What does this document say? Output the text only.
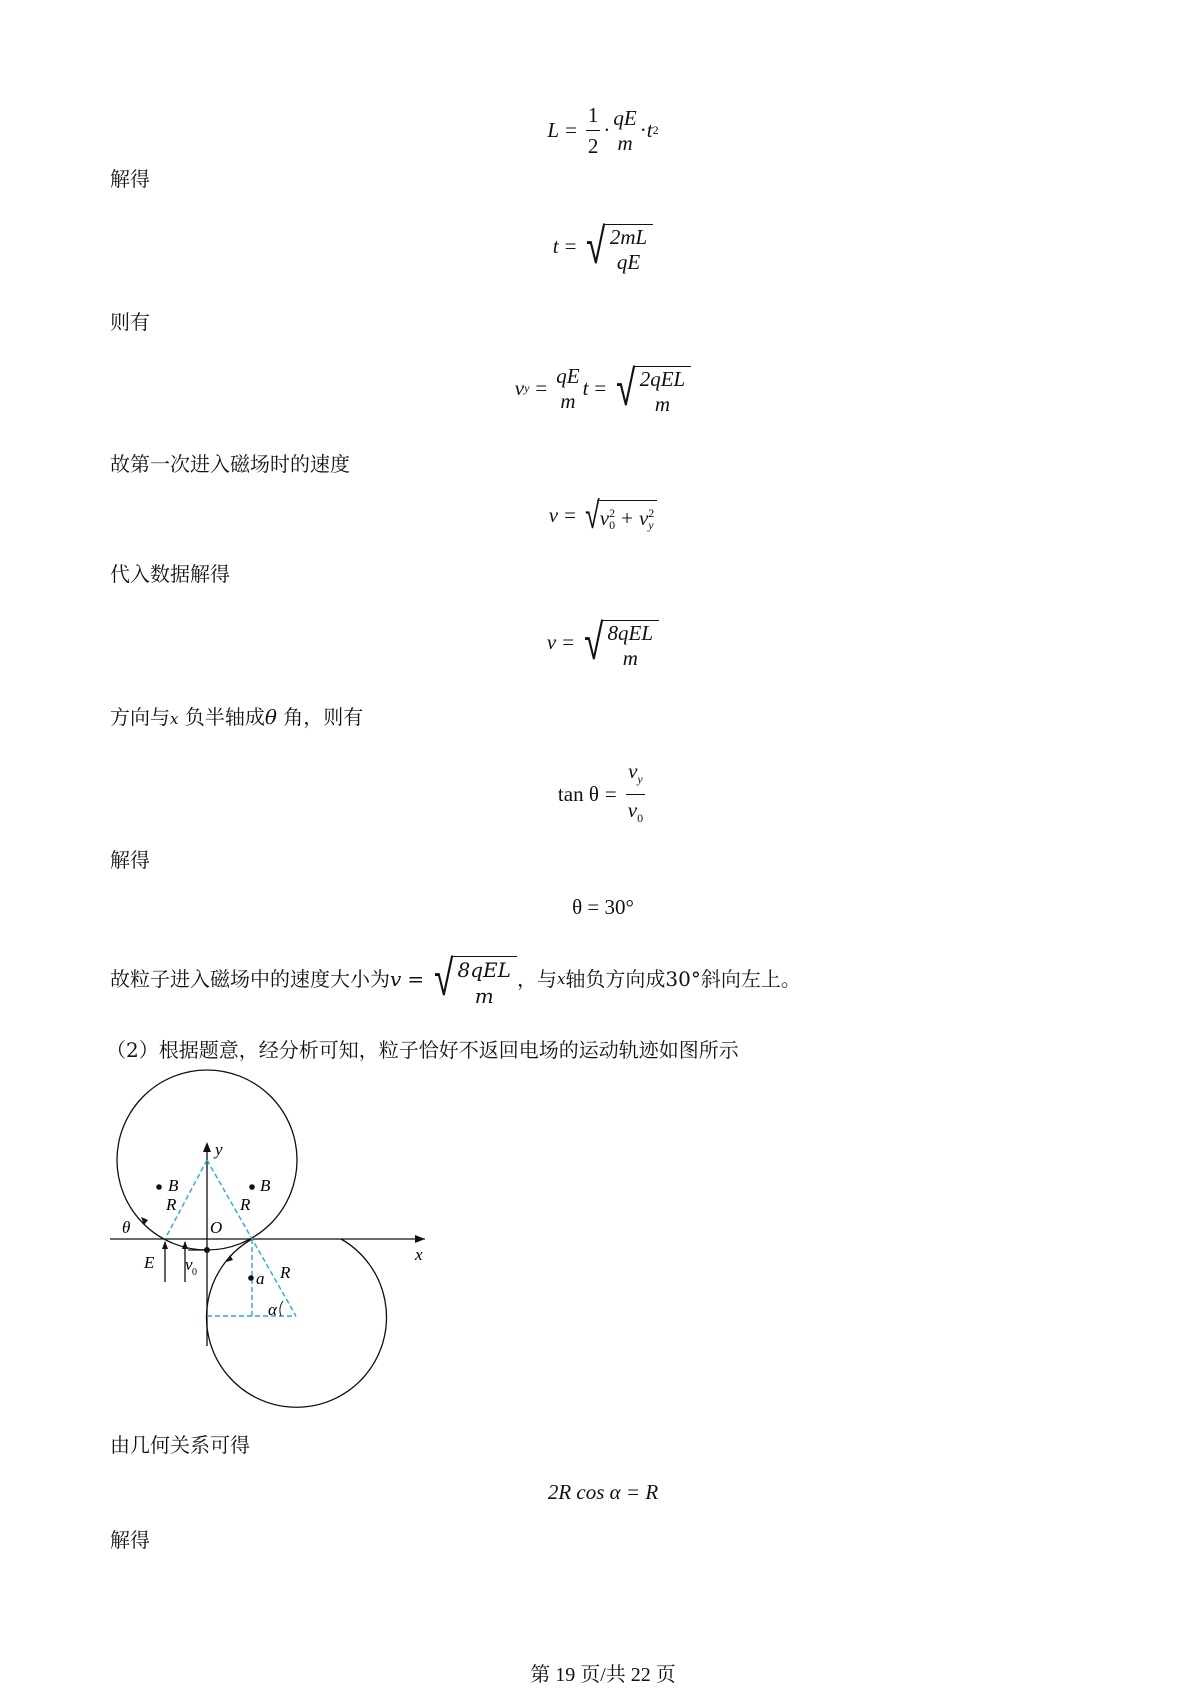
$L = \frac{1}{2}$ ·
qE
m
· t 2
解得
t = √ 2mL
qE
则有
v y =
qE
m
t = √ 2qEL
m
故第一次进入磁场时的速度
v = √ v 2
0 + v 2
y
代入数据解得
v = √ 8qEL
m
方向与x 负半轴成θ 角，则有
$\tan \theta = \frac{v_y}{v_0}$
解得
θ = 30°
故粒子进入磁场中的速度大小为 v = √ 8qEL
m
，与 x 轴负方向成 30° 斜向左上。
（2）根据题意，经分析可知，粒子恰好不返回电场的运动轨迹如图所示
y
x
O
B	B
R	R
R
θ
E v 0	a
α
由几何关系可得
2R cos α = R
解得
第 19 页/共 22 页
